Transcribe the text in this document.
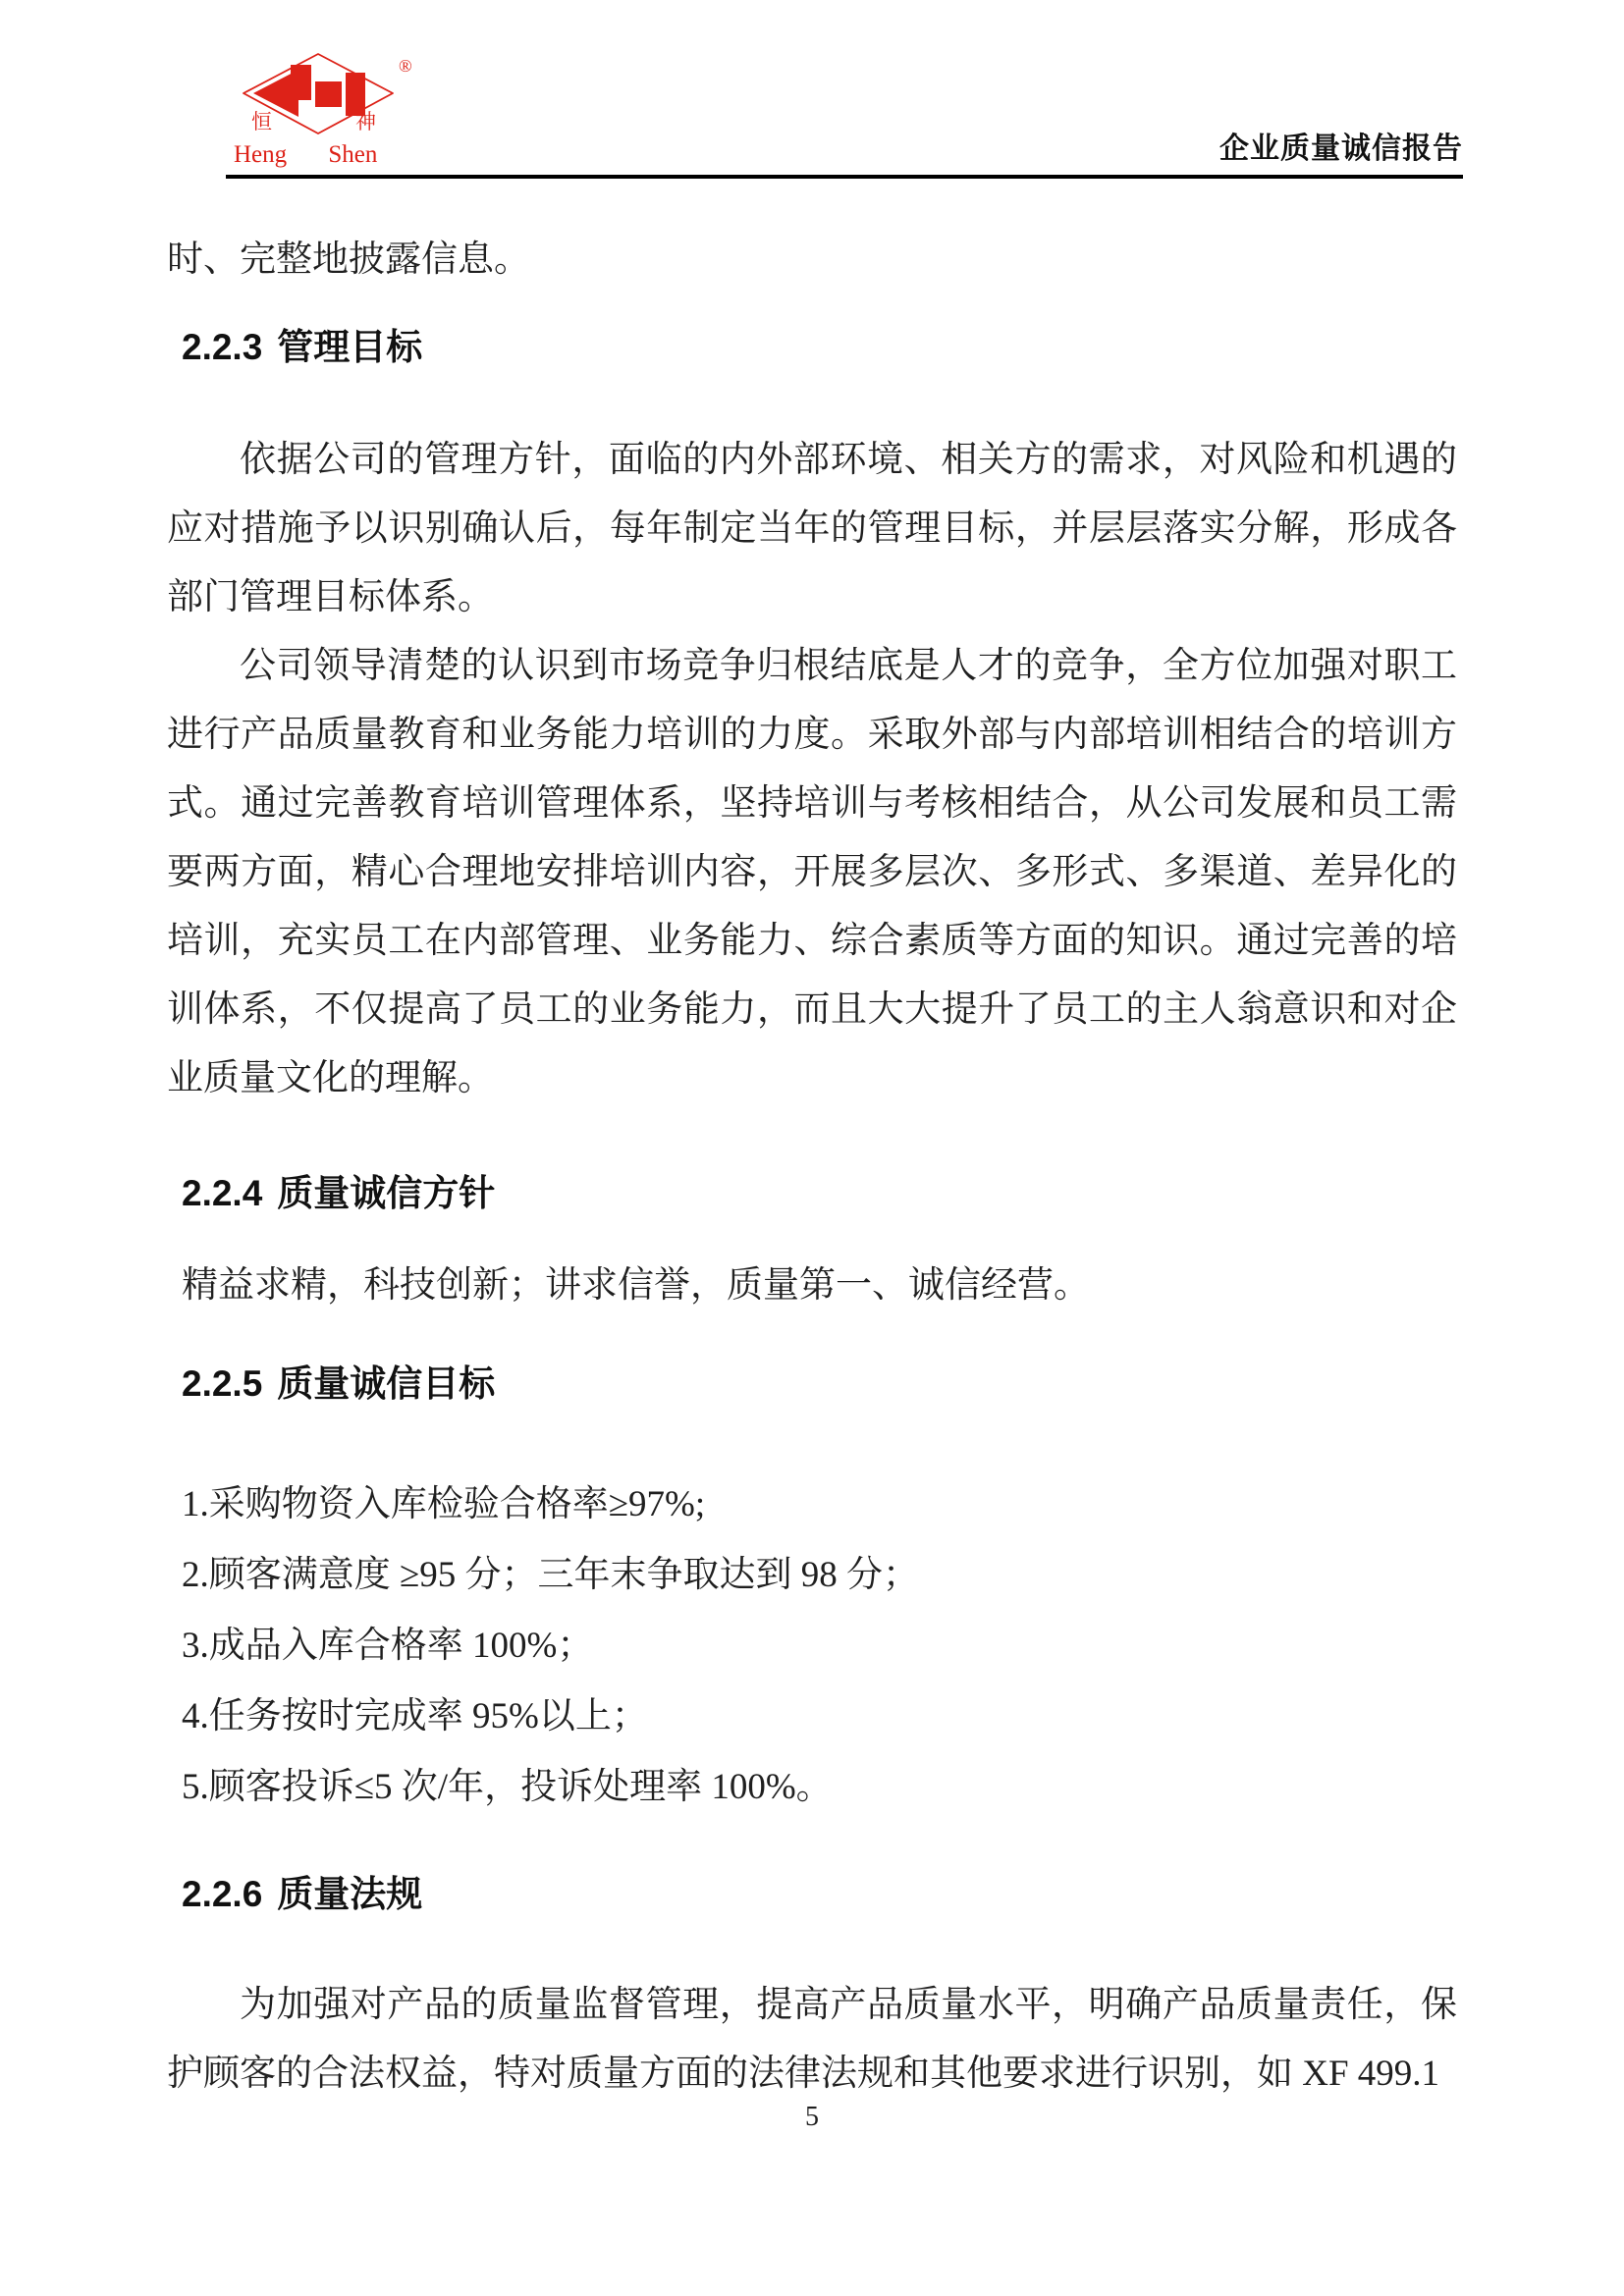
®
恒	神
Heng Shen	企业质量诚信报告

时、完整地披露信息。

2.2.3 管理目标

依据公司的管理方针，面临的内外部环境、相关方的需求，对风险和机遇的应对措施予以识别确认后，每年制定当年的管理目标，并层层落实分解，形成各部门管理目标体系。

公司领导清楚的认识到市场竞争归根结底是人才的竞争，全方位加强对职工进行产品质量教育和业务能力培训的力度。采取外部与内部培训相结合的培训方式。通过完善教育培训管理体系，坚持培训与考核相结合，从公司发展和员工需要两方面，精心合理地安排培训内容，开展多层次、多形式、多渠道、差异化的培训，充实员工在内部管理、业务能力、综合素质等方面的知识。通过完善的培训体系，不仅提高了员工的业务能力，而且大大提升了员工的主人翁意识和对企业质量文化的理解。

2.2.4 质量诚信方针

精益求精，科技创新；讲求信誉，质量第一、诚信经营。

2.2.5 质量诚信目标
1.采购物资入库检验合格率≥97%;
2.顾客满意度 ≥95 分；三年末争取达到 98 分；
3.成品入库合格率 100%；
4.任务按时完成率 95%以上；
5.顾客投诉≤5 次/年，投诉处理率 100%。
2.2.6 质量法规

为加强对产品的质量监督管理，提高产品质量水平，明确产品质量责任，保护顾客的合法权益，特对质量方面的法律法规和其他要求进行识别，如 XF 499.1

5
